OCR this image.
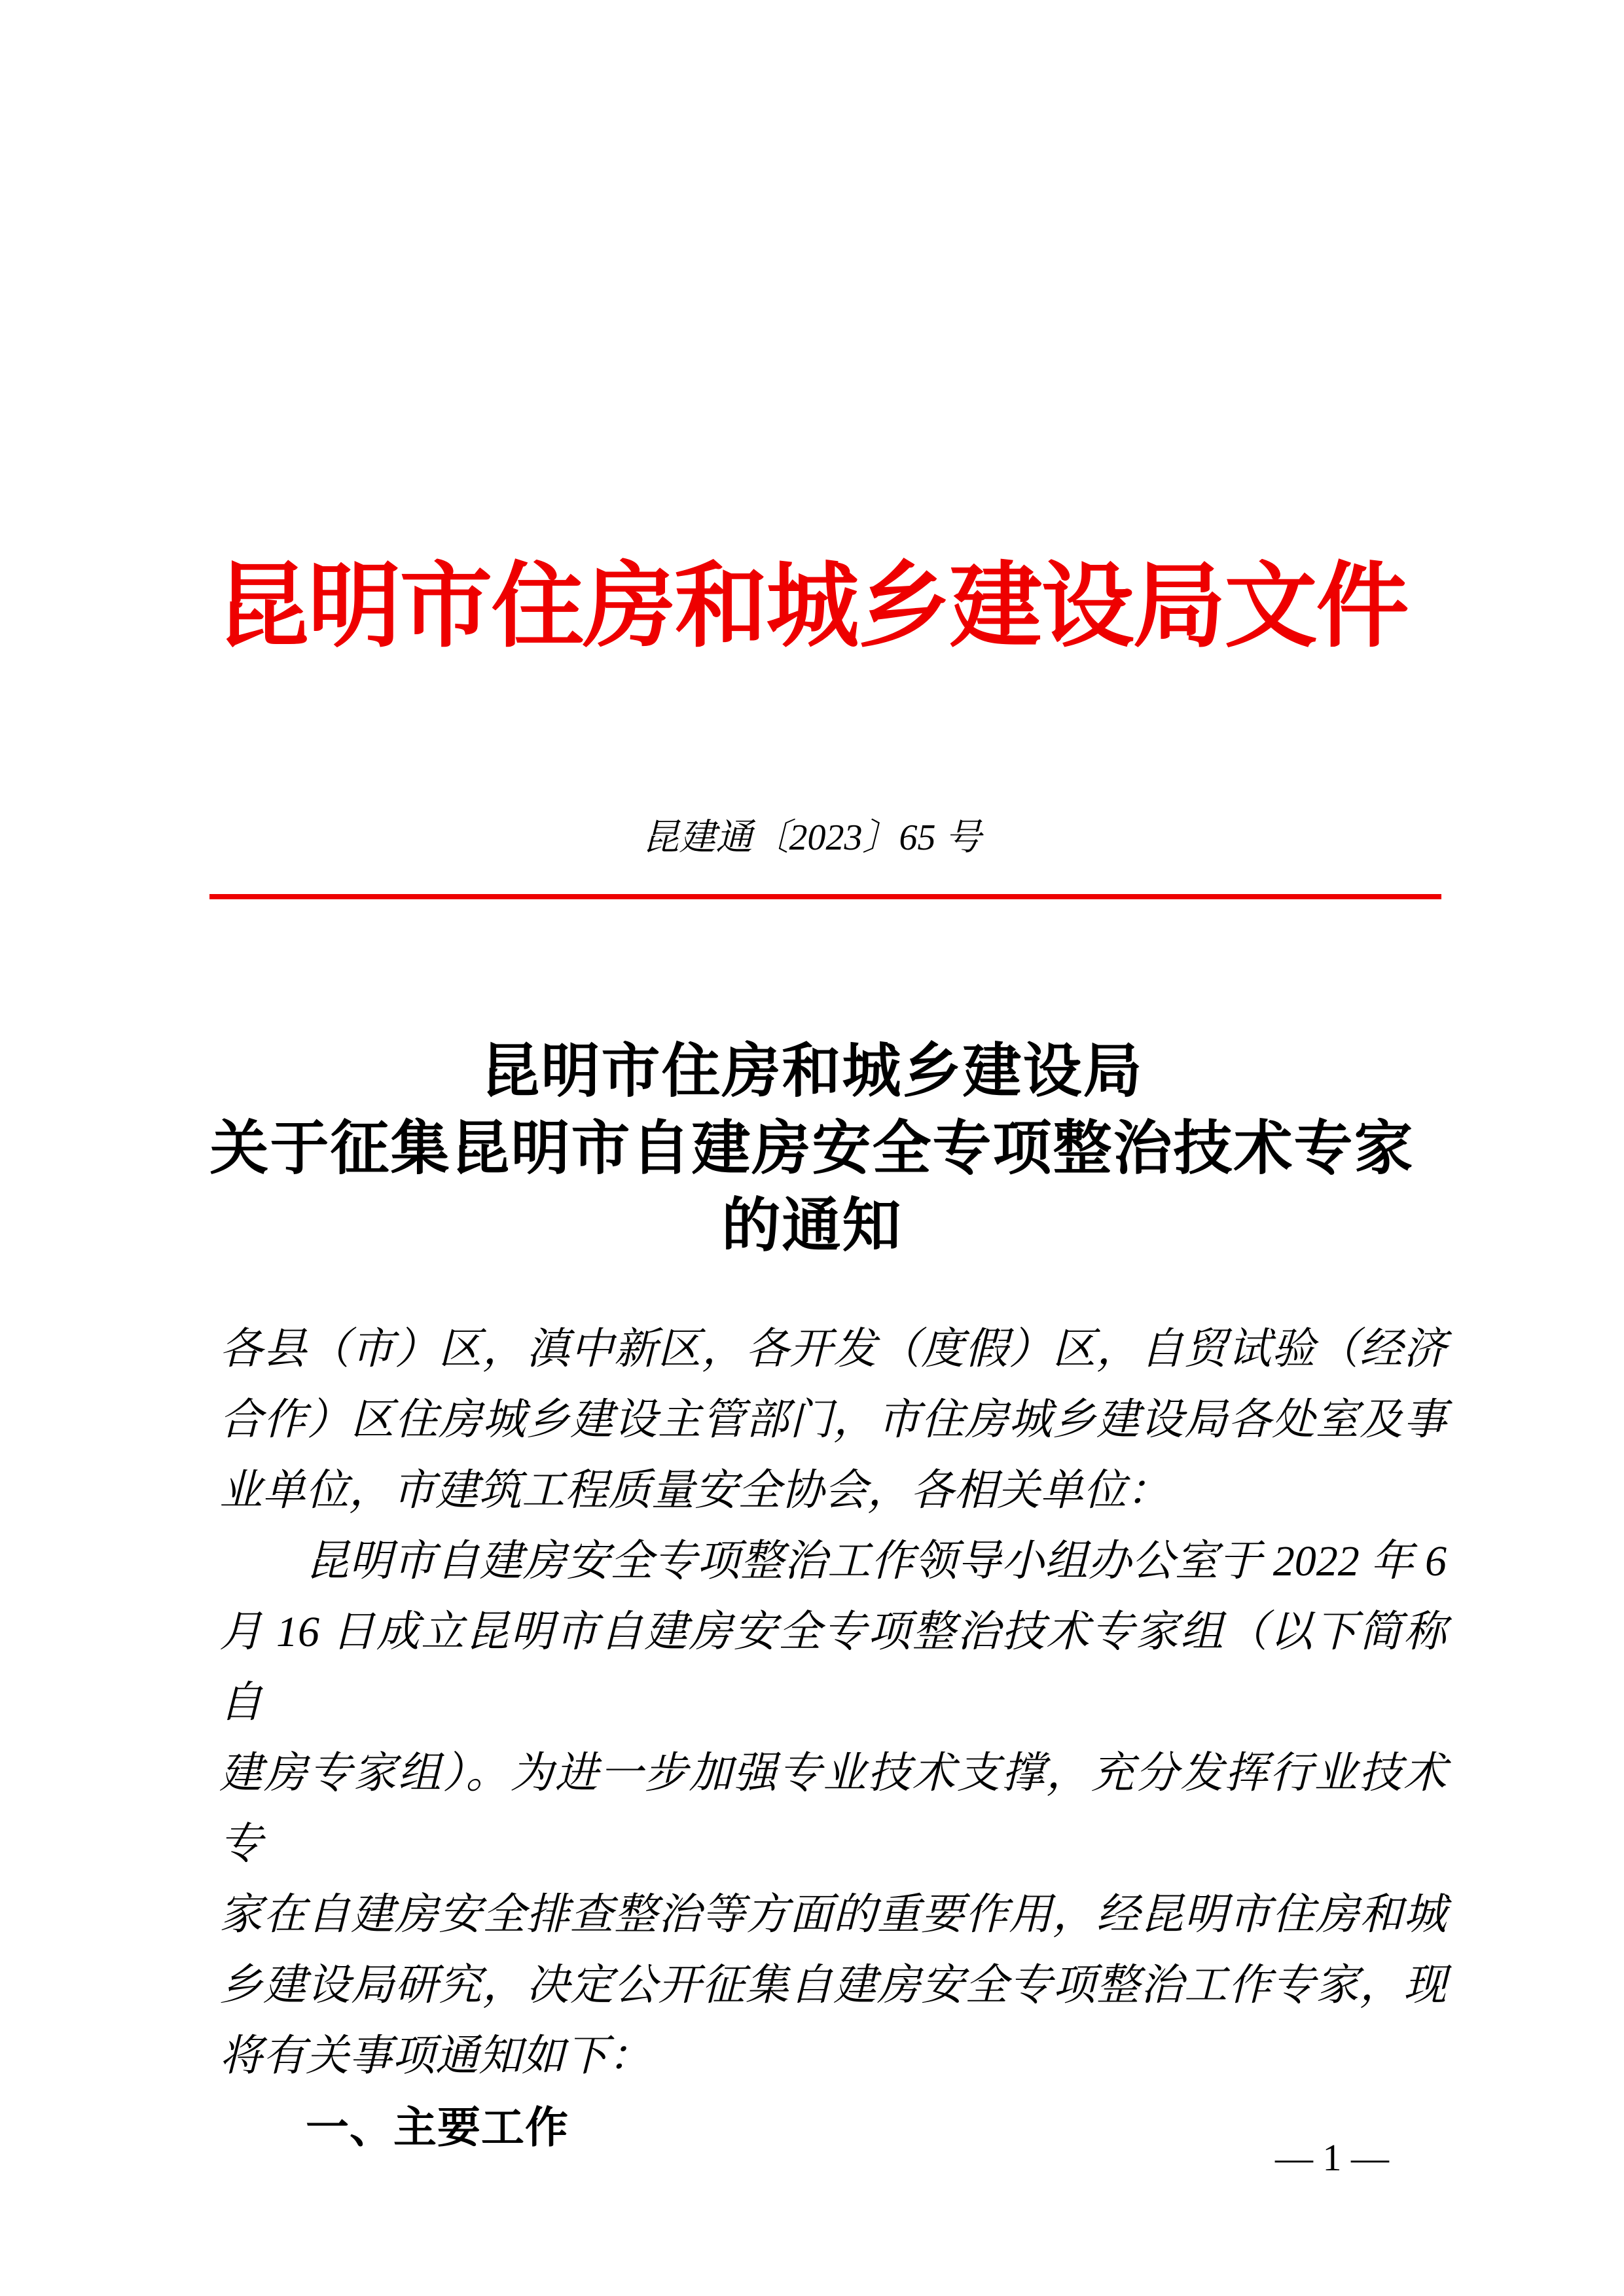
昆明市住房和城乡建设局文件
昆建通〔2023〕65 号
昆明市住房和城乡建设局
关于征集昆明市自建房安全专项整治技术专家
的通知
各县（市）区，滇中新区，各开发（度假）区，自贸试验（经济
合作）区住房城乡建设主管部门，市住房城乡建设局各处室及事
业单位，市建筑工程质量安全协会，各相关单位：
昆明市自建房安全专项整治工作领导小组办公室于 2022 年 6
月 16 日成立昆明市自建房安全专项整治技术专家组（以下简称自
建房专家组）。为进一步加强专业技术支撑，充分发挥行业技术专
家在自建房安全排查整治等方面的重要作用，经昆明市住房和城
乡建设局研究，决定公开征集自建房安全专项整治工作专家，现
将有关事项通知如下：
一、主要工作
— 1 —
